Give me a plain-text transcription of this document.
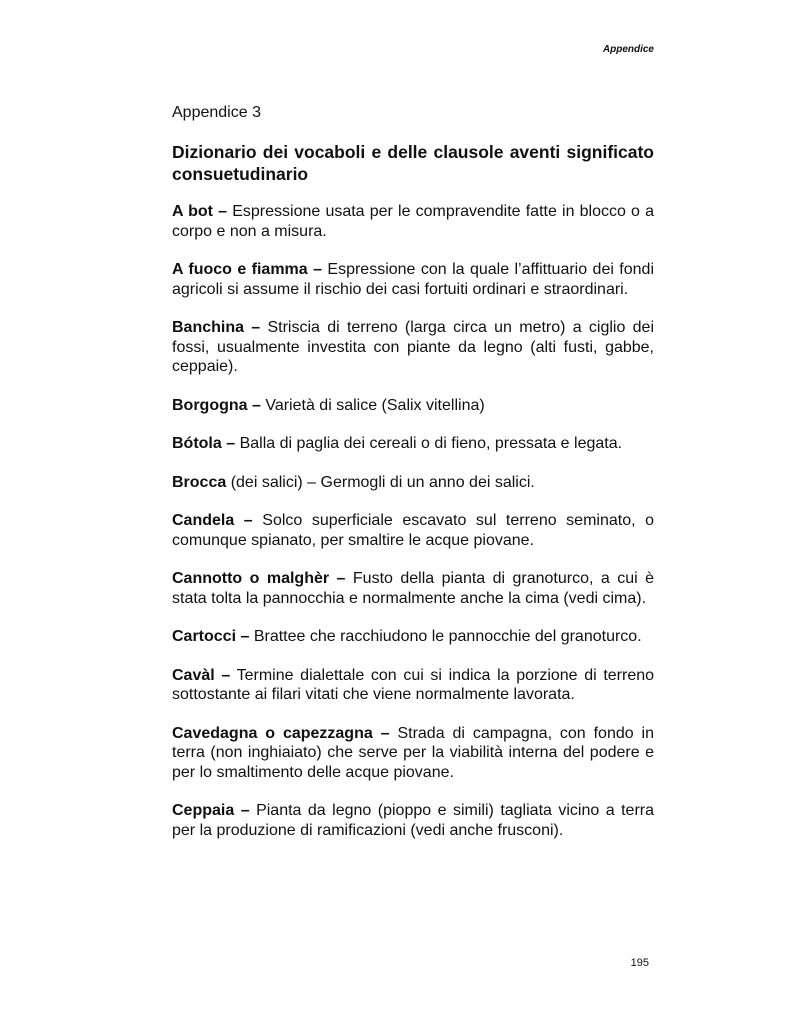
Appendice
Appendice 3
Dizionario dei vocaboli e delle clausole aventi significato consuetudinario

A bot – Espressione usata per le compravendite fatte in blocco o a corpo e non a misura.

A fuoco e fiamma – Espressione con la quale l’affittuario dei fondi agricoli si assume il rischio dei casi fortuiti ordinari e straordinari.

Banchina – Striscia di terreno (larga circa un metro) a ciglio dei fossi, usualmente investita con piante da legno (alti fusti, gabbe, ceppaie).

Borgogna – Varietà di salice (Salix vitellina)

Bótola – Balla di paglia dei cereali o di fieno, pressata e legata.

Brocca (dei salici) – Germogli di un anno dei salici.

Candela – Solco superficiale escavato sul terreno seminato, o comunque spianato, per smaltire le acque piovane.

Cannotto o malghèr – Fusto della pianta di granoturco, a cui è stata tolta la pannocchia e normalmente anche la cima (vedi cima).

Cartocci – Brattee che racchiudono le pannocchie del granoturco.

Cavàl – Termine dialettale con cui si indica la porzione di terreno sottostante ai filari vitati che viene normalmente lavorata.

Cavedagna o capezzagna – Strada di campagna, con fondo in terra (non inghiaiato) che serve per la viabilità interna del podere e per lo smaltimento delle acque piovane.

Ceppaia – Pianta da legno (pioppo e simili) tagliata vicino a terra per la produzione di ramificazioni (vedi anche frusconi).

195
